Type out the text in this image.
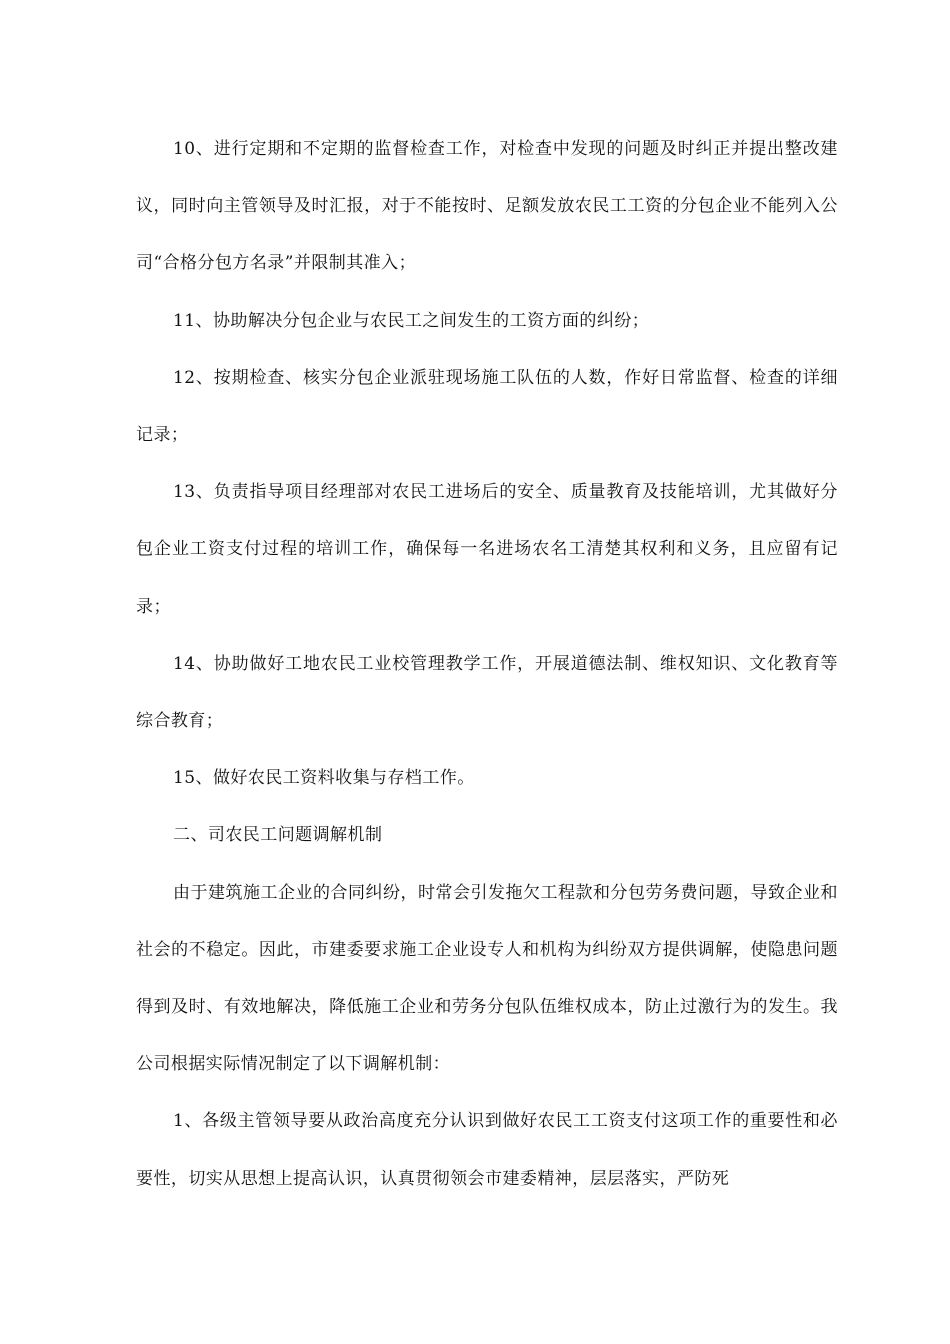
10、进行定期和不定期的监督检查工作，对检查中发现的问题及时纠正并提出整改建议，同时向主管领导及时汇报，对于不能按时、足额发放农民工工资的分包企业不能列入公司“合格分包方名录”并限制其准入；

11、协助解决分包企业与农民工之间发生的工资方面的纠纷；

12、按期检查、核实分包企业派驻现场施工队伍的人数，作好日常监督、检查的详细记录；

13、负责指导项目经理部对农民工进场后的安全、质量教育及技能培训，尤其做好分包企业工资支付过程的培训工作，确保每一名进场农名工清楚其权利和义务，且应留有记录；

14、协助做好工地农民工业校管理教学工作，开展道德法制、维权知识、文化教育等综合教育；

15、做好农民工资料收集与存档工作。

二、司农民工问题调解机制

由于建筑施工企业的合同纠纷，时常会引发拖欠工程款和分包劳务费问题，导致企业和社会的不稳定。因此，市建委要求施工企业设专人和机构为纠纷双方提供调解，使隐患问题得到及时、有效地解决，降低施工企业和劳务分包队伍维权成本，防止过激行为的发生。我公司根据实际情况制定了以下调解机制：

1、各级主管领导要从政治高度充分认识到做好农民工工资支付这项工作的重要性和必要性，切实从思想上提高认识，认真贯彻领会市建委精神，层层落实，严防死
